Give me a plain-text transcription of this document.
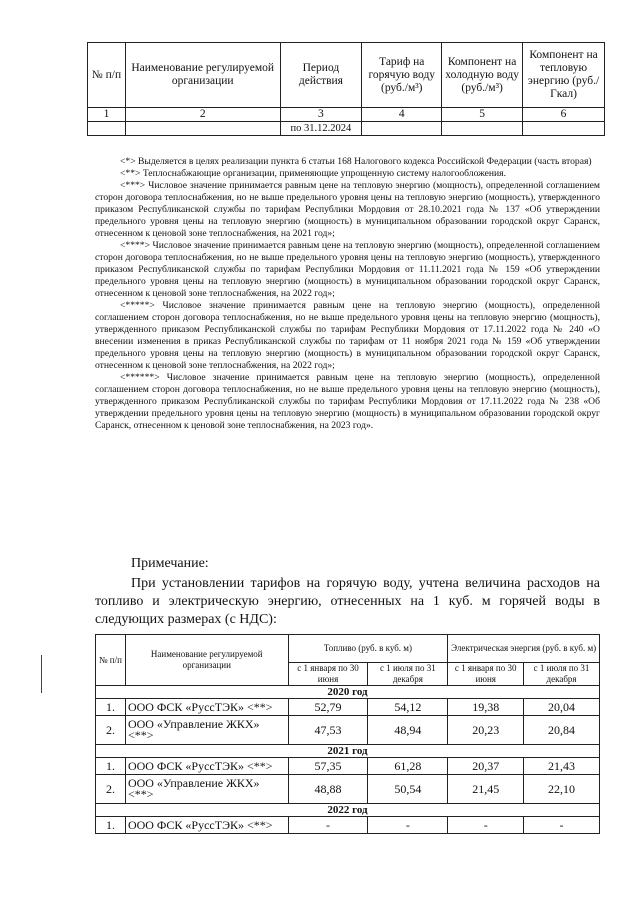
№ п/п	Наименование регулируемой организации	Период действия	Тариф на горячую воду (руб./м³)	Компонент на холодную воду (руб./м³)	Компонент на тепловую энергию (руб./Гкал)
1	2	3	4	5	6
		по 31.12.2024			

<*> Выделяется в целях реализации пункта 6 статьи 168 Налогового кодекса Российской Федерации (часть вторая)

<**> Теплоснабжающие организации, применяющие упрощенную систему налогообложения.

<***> Числовое значение принимается равным цене на тепловую энергию (мощность), определенной соглашением сторон договора теплоснабжения, но не выше предельного уровня цены на тепловую энергию (мощность), утвержденного приказом Республиканской службы по тарифам Республики Мордовия от 28.10.2021 года № 137 «Об утверждении предельного уровня цены на тепловую энергию (мощность) в муниципальном образовании городской округ Саранск, отнесенном к ценовой зоне теплоснабжения, на 2021 год»;

<****> Числовое значение принимается равным цене на тепловую энергию (мощность), определенной соглашением сторон договора теплоснабжения, но не выше предельного уровня цены на тепловую энергию (мощность), утвержденного приказом Республиканской службы по тарифам Республики Мордовия от 11.11.2021 года № 159 «Об утверждении предельного уровня цены на тепловую энергию (мощность) в муниципальном образовании городской округ Саранск, отнесенном к ценовой зоне теплоснабжения, на 2022 год»;

<*****> Числовое значение принимается равным цене на тепловую энергию (мощность), определенной соглашением сторон договора теплоснабжения, но не выше предельного уровня цены на тепловую энергию (мощность), утвержденного приказом Республиканской службы по тарифам Республики Мордовия от 17.11.2022 года № 240 «О внесении изменения в приказ Республиканской службы по тарифам от 11 ноября 2021 года № 159 «Об утверждении предельного уровня цены на тепловую энергию (мощность) в муниципальном образовании городской округ Саранск, отнесенном к ценовой зоне теплоснабжения, на 2022 год»;

<******> Числовое значение принимается равным цене на тепловую энергию (мощность), определенной соглашением сторон договора теплоснабжения, но не выше предельного уровня цены на тепловую энергию (мощность), утвержденного приказом Республиканской службы по тарифам Республики Мордовия от 17.11.2022 года № 238 «Об утверждении предельного уровня цены на тепловую энергию (мощность) в муниципальном образовании городской округ Саранск, отнесенном к ценовой зоне теплоснабжения, на 2023 год».

Примечание:

При установлении тарифов на горячую воду, учтена величина расходов на топливо и электрическую энергию, отнесенных на 1 куб. м горячей воды в следующих размерах (с НДС):

№ п/п	Наименование регулируемой организации	Топливо (руб. в куб. м)		Электрическая энергия (руб. в куб. м)	
		с 1 января по 30 июня	с 1 июля по 31 декабря	с 1 января по 30 июня	с 1 июля по 31 декабря
2020 год					
1.	ООО ФСК «РуссТЭК» <**>	52,79	54,12	19,38	20,04
2.	ООО «Управление ЖКХ» <**>	47,53	48,94	20,23	20,84
2021 год					
1.	ООО ФСК «РуссТЭК» <**>	57,35	61,28	20,37	21,43
2.	ООО «Управление ЖКХ» <**>	48,88	50,54	21,45	22,10
2022 год					
1.	ООО ФСК «РуссТЭК» <**>	-	-	-	-
